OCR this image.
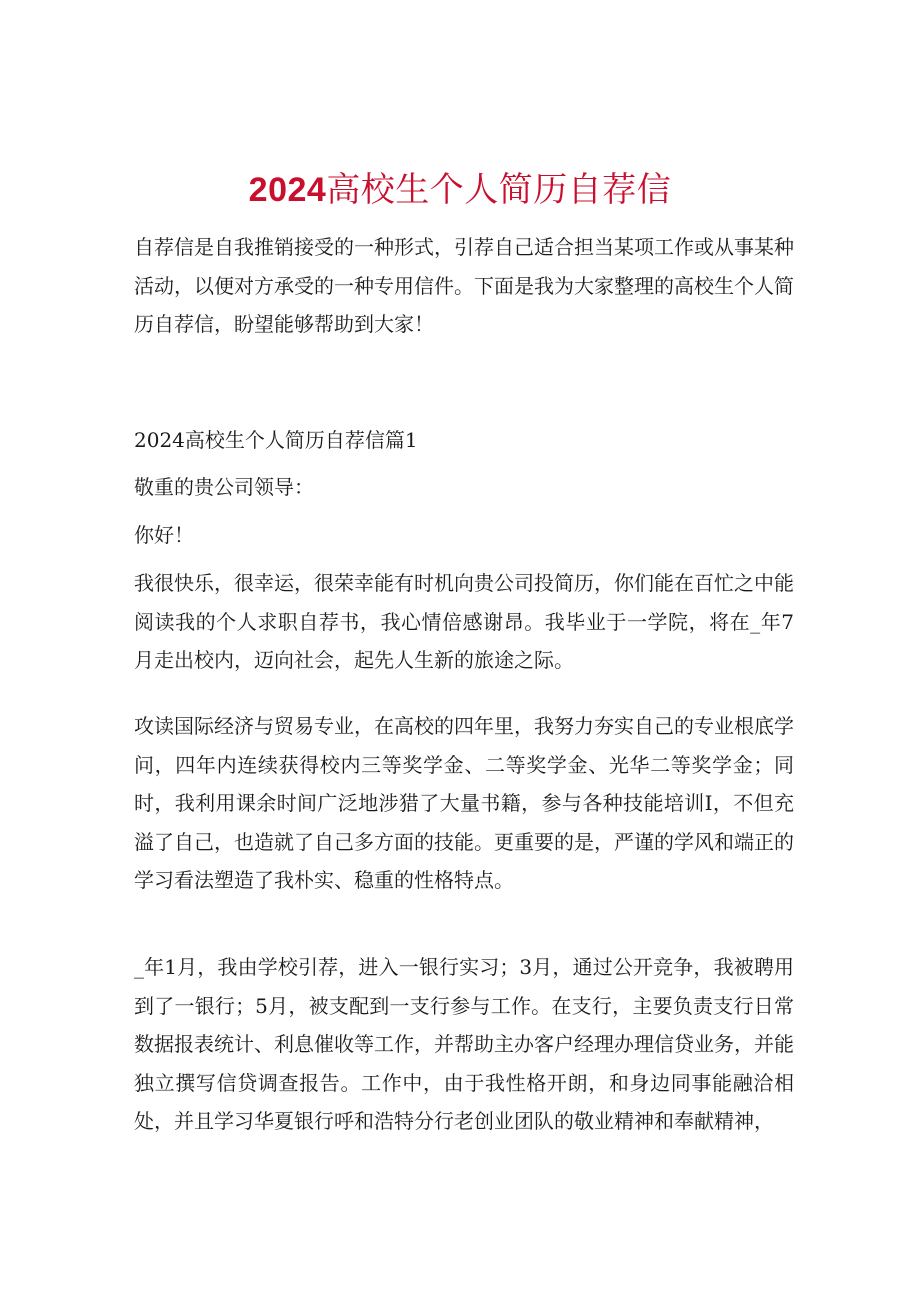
2024高校生个人简历自荐信

自荐信是自我推销接受的一种形式，引荐自己适合担当某项工作或从事某种活动，以便对方承受的一种专用信件。下面是我为大家整理的高校生个人简历自荐信，盼望能够帮助到大家！

2024高校生个人简历自荐信篇1

敬重的贵公司领导：

你好！

我很快乐，很幸运，很荣幸能有时机向贵公司投简历，你们能在百忙之中能阅读我的个人求职自荐书，我心情倍感谢昂。我毕业于一学院，将在_年7月走出校内，迈向社会，起先人生新的旅途之际。

攻读国际经济与贸易专业，在高校的四年里，我努力夯实自己的专业根底学问，四年内连续获得校内三等奖学金、二等奖学金、光华二等奖学金；同时，我利用课余时间广泛地涉猎了大量书籍，参与各种技能培训I，不但充溢了自己，也造就了自己多方面的技能。更重要的是，严谨的学风和端正的学习看法塑造了我朴实、稳重的性格特点。

_年1月，我由学校引荐，进入一银行实习；3月，通过公开竞争，我被聘用到了一银行；5月，被支配到一支行参与工作。在支行，主要负责支行日常数据报表统计、利息催收等工作，并帮助主办客户经理办理信贷业务，并能独立撰写信贷调查报告。工作中，由于我性格开朗，和身边同事能融洽相处，并且学习华夏银行呼和浩特分行老创业团队的敬业精神和奉献精神，
